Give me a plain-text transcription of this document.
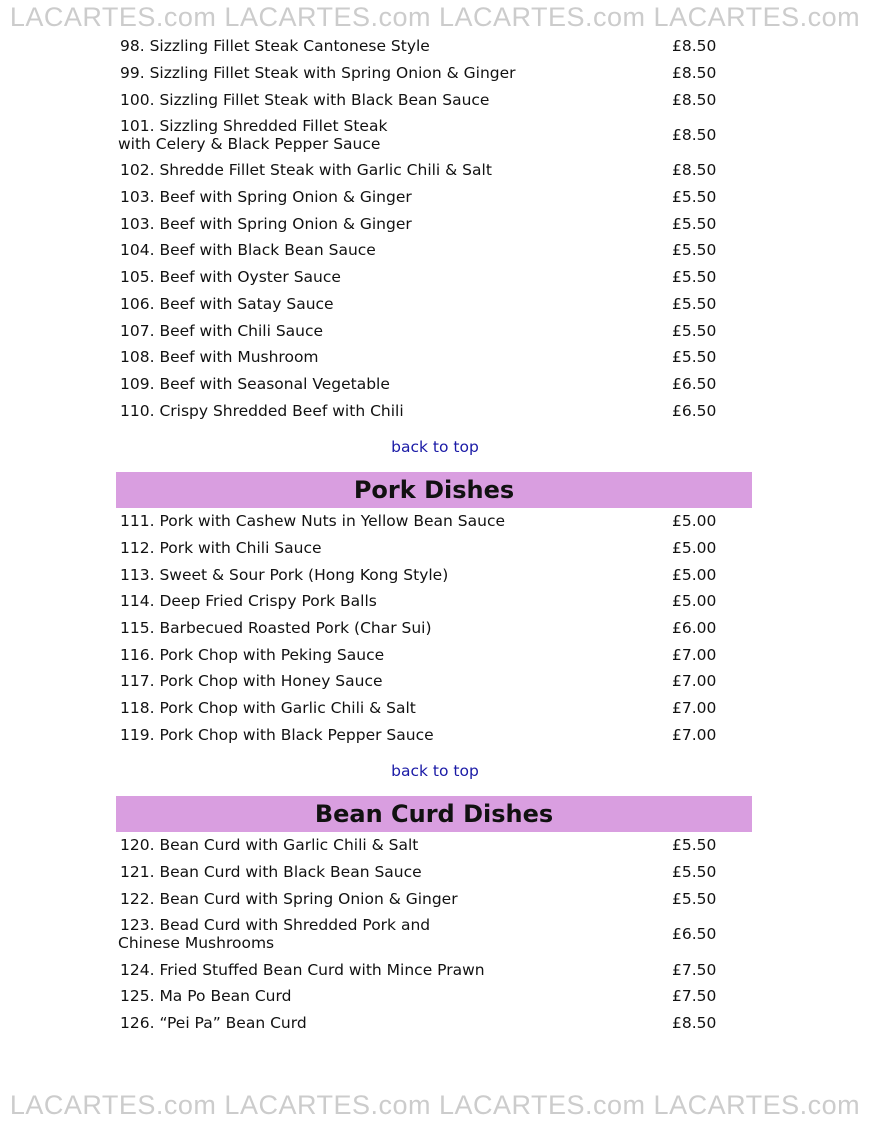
LACARTES.com LACARTES.com LACARTES.com LACARTES.com
98. Sizzling Fillet Steak Cantonese Style	£8.50
99. Sizzling Fillet Steak with Spring Onion & Ginger	£8.50
100. Sizzling Fillet Steak with Black Bean Sauce	£8.50
101. Sizzling Shredded Fillet Steak
with Celery & Black Pepper Sauce	£8.50
102. Shredde Fillet Steak with Garlic Chili & Salt	£8.50
103. Beef with Spring Onion & Ginger	£5.50
103. Beef with Spring Onion & Ginger	£5.50
104. Beef with Black Bean Sauce	£5.50
105. Beef with Oyster Sauce	£5.50
106. Beef with Satay Sauce	£5.50
107. Beef with Chili Sauce	£5.50
108. Beef with Mushroom	£5.50
109. Beef with Seasonal Vegetable	£6.50
110. Crispy Shredded Beef with Chili	£6.50
back to top
Pork Dishes
111. Pork with Cashew Nuts in Yellow Bean Sauce	£5.00
112. Pork with Chili Sauce	£5.00
113. Sweet & Sour Pork (Hong Kong Style)	£5.00
114. Deep Fried Crispy Pork Balls	£5.00
115. Barbecued Roasted Pork (Char Sui)	£6.00
116. Pork Chop with Peking Sauce	£7.00
117. Pork Chop with Honey Sauce	£7.00
118. Pork Chop with Garlic Chili & Salt	£7.00
119. Pork Chop with Black Pepper Sauce	£7.00
back to top
Bean Curd Dishes
120. Bean Curd with Garlic Chili & Salt	£5.50
121. Bean Curd with Black Bean Sauce	£5.50
122. Bean Curd with Spring Onion & Ginger	£5.50
123. Bead Curd with Shredded Pork and
Chinese Mushrooms	£6.50
124. Fried Stuffed Bean Curd with Mince Prawn	£7.50
125. Ma Po Bean Curd	£7.50
126. “Pei Pa” Bean Curd	£8.50
LACARTES.com LACARTES.com LACARTES.com LACARTES.com
